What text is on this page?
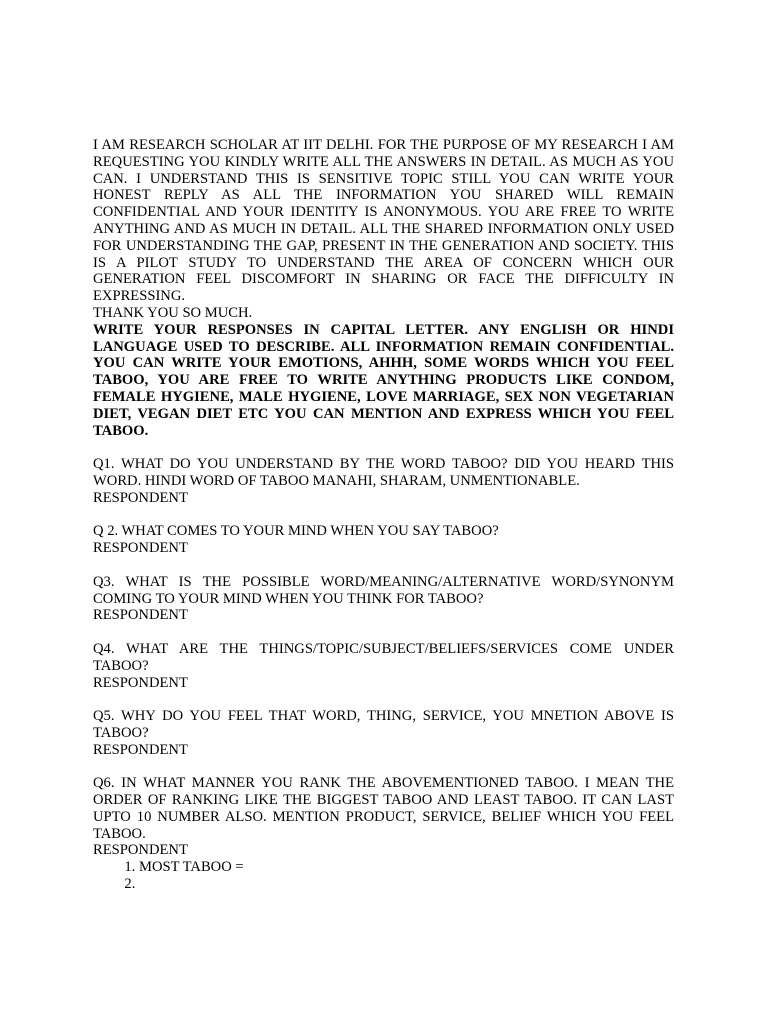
I AM RESEARCH SCHOLAR AT IIT DELHI. FOR THE PURPOSE OF MY RESEARCH I AM REQUESTING YOU KINDLY WRITE ALL THE ANSWERS IN DETAIL. AS MUCH AS YOU CAN. I UNDERSTAND THIS IS SENSITIVE TOPIC STILL YOU CAN WRITE YOUR HONEST REPLY AS ALL THE INFORMATION YOU SHARED WILL REMAIN CONFIDENTIAL AND YOUR IDENTITY IS ANONYMOUS. YOU ARE FREE TO WRITE ANYTHING AND AS MUCH IN DETAIL. ALL THE SHARED INFORMATION ONLY USED FOR UNDERSTANDING THE GAP, PRESENT IN THE GENERATION AND SOCIETY. THIS IS A PILOT STUDY TO UNDERSTAND THE AREA OF CONCERN WHICH OUR GENERATION FEEL DISCOMFORT IN SHARING OR FACE THE DIFFICULTY IN EXPRESSING.

THANK YOU SO MUCH.

WRITE YOUR RESPONSES IN CAPITAL LETTER. ANY ENGLISH OR HINDI LANGUAGE USED TO DESCRIBE. ALL INFORMATION REMAIN CONFIDENTIAL. YOU CAN WRITE YOUR EMOTIONS, AHHH, SOME WORDS WHICH YOU FEEL TABOO, YOU ARE FREE TO WRITE ANYTHING PRODUCTS LIKE CONDOM, FEMALE HYGIENE, MALE HYGIENE, LOVE MARRIAGE, SEX NON VEGETARIAN DIET, VEGAN DIET ETC YOU CAN MENTION AND EXPRESS WHICH YOU FEEL TABOO.

Q1. WHAT DO YOU UNDERSTAND BY THE WORD TABOO? DID YOU HEARD THIS WORD. HINDI WORD OF TABOO MANAHI, SHARAM, UNMENTIONABLE.

RESPONDENT

Q 2. WHAT COMES TO YOUR MIND WHEN YOU SAY TABOO?

RESPONDENT

Q3. WHAT IS THE POSSIBLE WORD/MEANING/ALTERNATIVE WORD/SYNONYM COMING TO YOUR MIND WHEN YOU THINK FOR TABOO?

RESPONDENT

Q4. WHAT ARE THE THINGS/TOPIC/SUBJECT/BELIEFS/SERVICES COME UNDER TABOO?

RESPONDENT

Q5. WHY DO YOU FEEL THAT WORD, THING, SERVICE, YOU MNETION ABOVE IS TABOO?

RESPONDENT

Q6. IN WHAT MANNER YOU RANK THE ABOVEMENTIONED TABOO. I MEAN THE ORDER OF RANKING LIKE THE BIGGEST TABOO AND LEAST TABOO. IT CAN LAST UPTO 10 NUMBER ALSO. MENTION PRODUCT, SERVICE, BELIEF WHICH YOU FEEL TABOO.

RESPONDENT

1. MOST TABOO =
2.
